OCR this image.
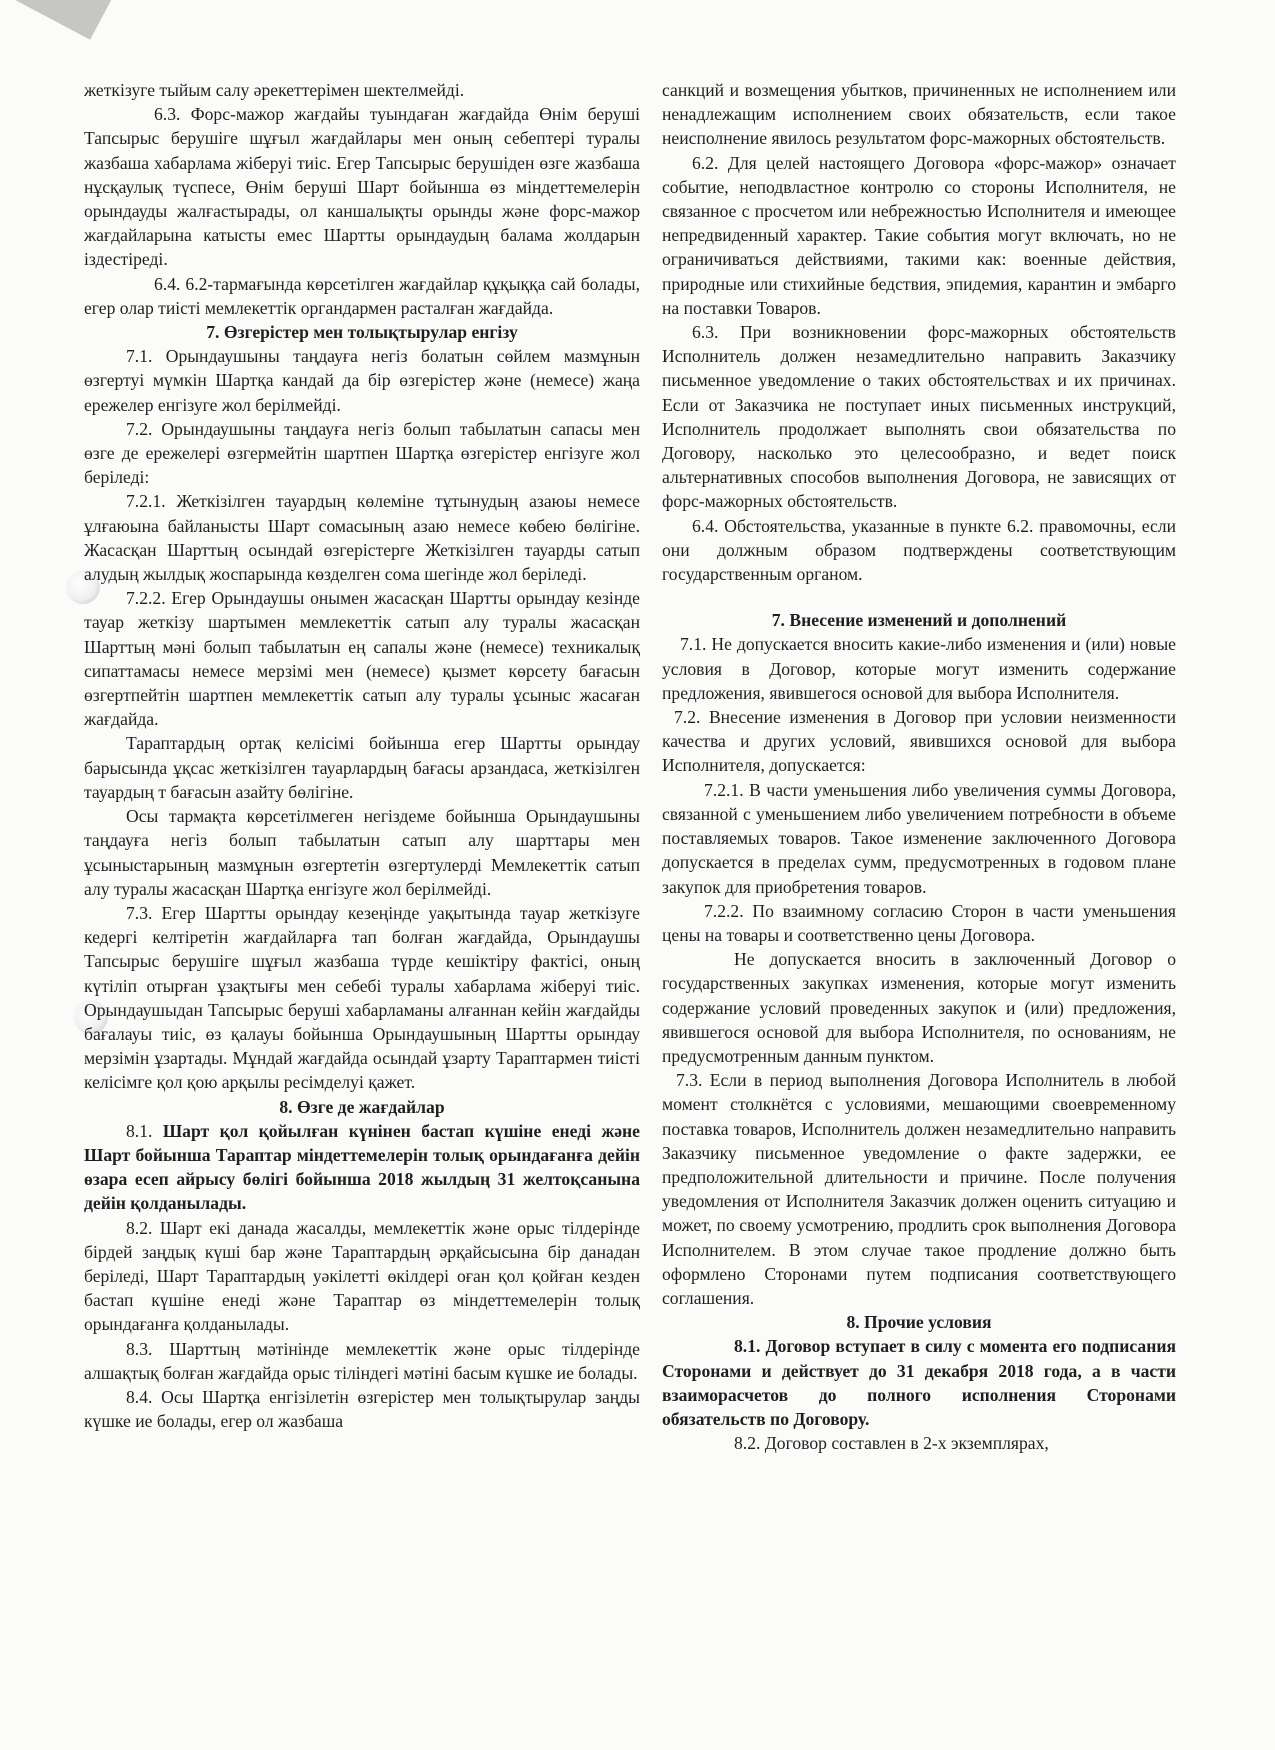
жеткізуге тыйым салу әрекеттерімен шектелмейді.
6.3. Форс-мажор жағдайы туындаған жағдайда Өнім беруші Тапсырыс берушіге шұғыл жағдайлары мен оның себептері туралы жазбаша хабарлама жіберуі тиіс. Егер Тапсырыс берушіден өзге жазбаша нұсқаулық түспесе, Өнім беруші Шарт бойынша өз міндеттемелерін орындауды жалғастырады, ол каншалықты орынды және форс-мажор жағдайларына катысты емес Шартты орындаудың балама жолдарын іздестіреді.
6.4. 6.2-тармағында көрсетілген жағдайлар құқыққа сай болады, егер олар тиісті мемлекеттік органдармен расталған жағдайда.
7. Өзгерістер мен толықтырулар енгізу
7.1. Орындаушыны таңдауға негіз болатын сөйлем мазмұнын өзгертуі мүмкін Шартқа кандай да бір өзгерістер және (немесе) жаңа ережелер енгізуге жол берілмейді.
7.2. Орындаушыны таңдауға негіз болып табылатын сапасы мен өзге де ережелері өзгермейтін шартпен Шартқа өзгерістер енгізуге жол беріледі:
7.2.1. Жеткізілген тауардың көлеміне тұтынудың азаюы немесе ұлғаюына байланысты Шарт сомасының азаю немесе көбею бөлігіне. Жасасқан Шарттың осындай өзгерістерге Жеткізілген тауарды сатып алудың жылдық жоспарында көзделген сома шегінде жол беріледі.
7.2.2. Егер Орындаушы онымен жасасқан Шартты орындау кезінде тауар жеткізу шартымен мемлекеттік сатып алу туралы жасасқан Шарттың мәні болып табылатын ең сапалы және (немесе) техникалық сипаттамасы немесе мерзімі мен (немесе) қызмет көрсету бағасын өзгертпейтін шартпен мемлекеттік сатып алу туралы ұсыныс жасаған жағдайда.
Тараптардың ортақ келісімі бойынша егер Шартты орындау барысында ұқсас жеткізілген тауарлардың бағасы арзандаса, жеткізілген тауардың т бағасын азайту бөлігіне.
Осы тармақта көрсетілмеген негіздеме бойынша Орындаушыны таңдауға негіз болып табылатын сатып алу шарттары мен ұсыныстарының мазмұнын өзгертетін өзгертулерді Мемлекеттік сатып алу туралы жасасқан Шартқа енгізуге жол берілмейді.
7.3. Егер Шартты орындау кезеңінде уақытында тауар жеткізуге кедергі келтіретін жағдайларға тап болған жағдайда, Орындаушы Тапсырыс берушіге шұғыл жазбаша түрде кешіктіру фактісі, оның күтіліп отырған ұзақтығы мен себебі туралы хабарлама жіберуі тиіс. Орындаушыдан Тапсырыс беруші хабарламаны алғаннан кейін жағдайды бағалауы тиіс, өз қалауы бойынша Орындаушының Шартты орындау мерзімін ұзартады. Мұндай жағдайда осындай ұзарту Тараптармен тиісті келісімге қол қою арқылы ресімделуі қажет.
8. Өзге де жағдайлар
8.1. Шарт қол қойылған күнінен бастап күшіне енеді және Шарт бойынша Тараптар міндеттемелерін толық орындағанға дейін өзара есеп айрысу бөлігі бойынша 2018 жылдың 31 желтоқсанына дейін қолданылады.
8.2. Шарт екі данада жасалды, мемлекеттік және орыс тілдерінде бірдей заңдық күші бар және Тараптардың әрқайсысына бір данадан беріледі, Шарт Тараптардың уәкілетті өкілдері оған қол қойған кезден бастап күшіне енеді және Тараптар өз міндеттемелерін толық орындағанға қолданылады.
8.3. Шарттың мәтінінде мемлекеттік және орыс тілдерінде алшақтық болған жағдайда орыс тіліндегі мәтіні басым күшке ие болады.
8.4. Осы Шартқа енгізілетін өзгерістер мен толықтырулар заңды күшке ие болады, егер ол жазбаша
санкций и возмещения убытков, причиненных не исполнением или ненадлежащим исполнением своих обязательств, если такое неисполнение явилось результатом форс-мажорных обстоятельств.
6.2. Для целей настоящего Договора «форс-мажор» означает событие, неподвластное контролю со стороны Исполнителя, не связанное с просчетом или небрежностью Исполнителя и имеющее непредвиденный характер. Такие события могут включать, но не ограничиваться действиями, такими как: военные действия, природные или стихийные бедствия, эпидемия, карантин и эмбарго на поставки Товаров.
6.3. При возникновении форс-мажорных обстоятельств Исполнитель должен незамедлительно направить Заказчику письменное уведомление о таких обстоятельствах и их причинах. Если от Заказчика не поступает иных письменных инструкций, Исполнитель продолжает выполнять свои обязательства по Договору, насколько это целесообразно, и ведет поиск альтернативных способов выполнения Договора, не зависящих от форс-мажорных обстоятельств.
6.4. Обстоятельства, указанные в пункте 6.2. правомочны, если они должным образом подтверждены соответствующим государственным органом.
7. Внесение изменений и дополнений
7.1. Не допускается вносить какие-либо изменения и (или) новые условия в Договор, которые могут изменить содержание предложения, явившегося основой для выбора Исполнителя.
7.2. Внесение изменения в Договор при условии неизменности качества и других условий, явившихся основой для выбора Исполнителя, допускается:
7.2.1. В части уменьшения либо увеличения суммы Договора, связанной с уменьшением либо увеличением потребности в объеме поставляемых товаров. Такое изменение заключенного Договора допускается в пределах сумм, предусмотренных в годовом плане закупок для приобретения товаров.
7.2.2. По взаимному согласию Сторон в части уменьшения цены на товары и соответственно цены Договора.
Не допускается вносить в заключенный Договор о государственных закупках изменения, которые могут изменить содержание условий проведенных закупок и (или) предложения, явившегося основой для выбора Исполнителя, по основаниям, не предусмотренным данным пунктом.
7.3. Если в период выполнения Договора Исполнитель в любой момент столкнётся с условиями, мешающими своевременному поставка товаров, Исполнитель должен незамедлительно направить Заказчику письменное уведомление о факте задержки, ее предположительной длительности и причине. После получения уведомления от Исполнителя Заказчик должен оценить ситуацию и может, по своему усмотрению, продлить срок выполнения Договора Исполнителем. В этом случае такое продление должно быть оформлено Сторонами путем подписания соответствующего соглашения.
8. Прочие условия
8.1. Договор вступает в силу с момента его подписания Сторонами и действует до 31 декабря 2018 года, а в части взаиморасчетов до полного исполнения Сторонами обязательств по Договору.
8.2. Договор составлен в 2-х экземплярах,
